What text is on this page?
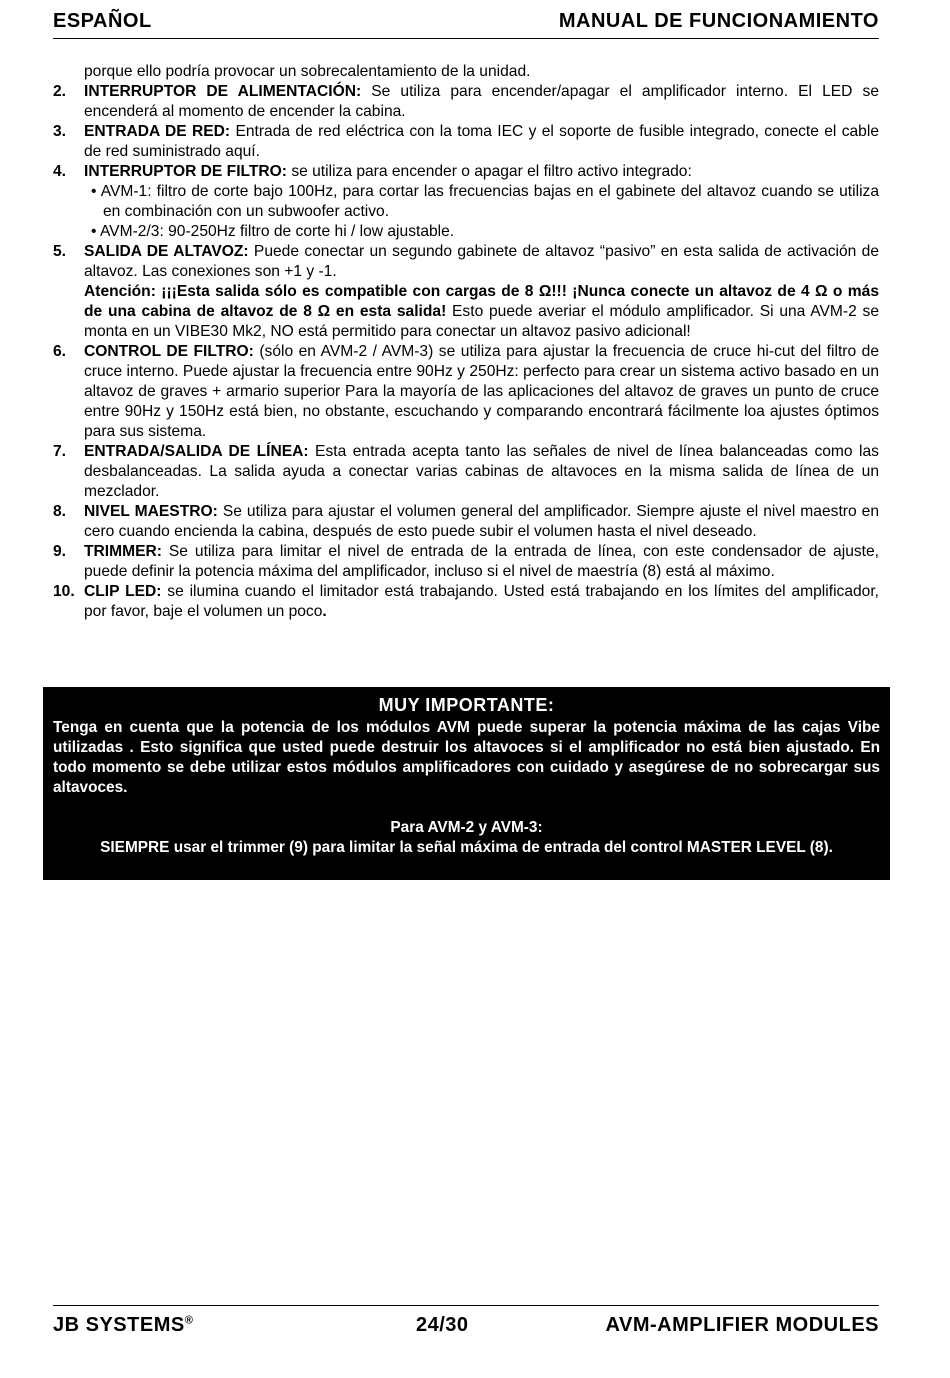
ESPAÑOL	MANUAL DE FUNCIONAMIENTO
porque ello podría provocar un sobrecalentamiento de la unidad.
2.	INTERRUPTOR DE ALIMENTACIÓN: Se utiliza para encender/apagar el amplificador interno. El LED se encenderá al momento de encender la cabina.
3.	ENTRADA DE RED: Entrada de red eléctrica con la toma IEC y el soporte de fusible integrado, conecte el cable de red suministrado aquí.
4.	INTERRUPTOR DE FILTRO: se utiliza para encender o apagar el filtro activo integrado:
• AVM-1: filtro de corte bajo 100Hz, para cortar las frecuencias bajas en el gabinete del altavoz cuando se utiliza en combinación con un subwoofer activo.
• AVM-2/3: 90-250Hz filtro de corte hi / low ajustable.
5.	SALIDA DE ALTAVOZ: Puede conectar un segundo gabinete de altavoz “pasivo” en esta salida de activación de altavoz. Las conexiones son +1 y -1.
Atención: ¡¡¡Esta salida sólo es compatible con cargas de 8 Ω!!! ¡Nunca conecte un altavoz de 4 Ω o más de una cabina de altavoz de 8 Ω en esta salida! Esto puede averiar el módulo amplificador. Si una AVM-2 se monta en un VIBE30 Mk2, NO está permitido para conectar un altavoz pasivo adicional!
6.	CONTROL DE FILTRO: (sólo en AVM-2 / AVM-3) se utiliza para ajustar la frecuencia de cruce hi-cut del filtro de cruce interno. Puede ajustar la frecuencia entre 90Hz y 250Hz: perfecto para crear un sistema activo basado en un altavoz de graves + armario superior Para la mayoría de las aplicaciones del altavoz de graves un punto de cruce entre 90Hz y 150Hz está bien, no obstante, escuchando y comparando encontrará fácilmente loa ajustes óptimos para sus sistema.
7.	ENTRADA/SALIDA DE LÍNEA: Esta entrada acepta tanto las señales de nivel de línea balanceadas como las desbalanceadas. La salida ayuda a conectar varias cabinas de altavoces en la misma salida de línea de un mezclador.
8.	NIVEL MAESTRO: Se utiliza para ajustar el volumen general del amplificador. Siempre ajuste el nivel maestro en cero cuando encienda la cabina, después de esto puede subir el volumen hasta el nivel deseado.
9.	TRIMMER: Se utiliza para limitar el nivel de entrada de la entrada de línea, con este condensador de ajuste, puede definir la potencia máxima del amplificador, incluso si el nivel de maestría (8) está al máximo.
10. CLIP LED: se ilumina cuando el limitador está trabajando. Usted está trabajando en los límites del amplificador, por favor, baje el volumen un poco.
MUY IMPORTANTE:
Tenga en cuenta que la potencia de los módulos AVM puede superar la potencia máxima de las cajas Vibe utilizadas . Esto significa que usted puede destruir los altavoces si el amplificador no está bien ajustado. En todo momento se debe utilizar estos módulos amplificadores con cuidado y asegúrese de no sobrecargar sus altavoces.
Para AVM-2 y AVM-3:
SIEMPRE usar el trimmer (9) para limitar la señal máxima de entrada del control MASTER LEVEL (8).
JB SYSTEMS®	24/30	AVM-AMPLIFIER MODULES
